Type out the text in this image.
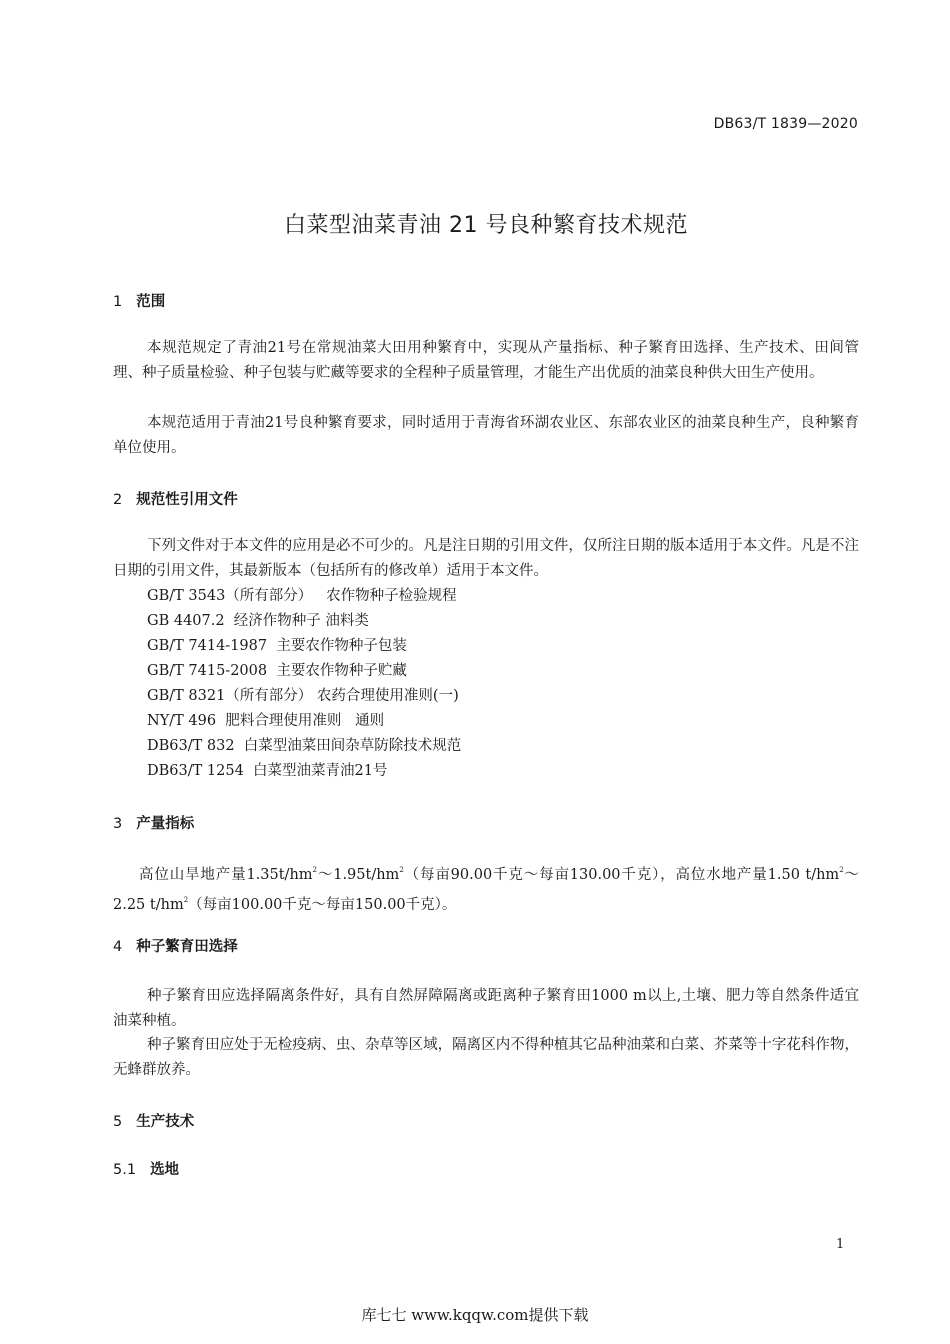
DB63/T 1839—2020
白菜型油菜青油 21 号良种繁育技术规范
1 范围

本规范规定了青油21号在常规油菜大田用种繁育中，实现从产量指标、种子繁育田选择、生产技术、田间管理、种子质量检验、种子包装与贮藏等要求的全程种子质量管理，才能生产出优质的油菜良种供大田生产使用。

本规范适用于青油21号良种繁育要求，同时适用于青海省环湖农业区、东部农业区的油菜良种生产，良种繁育单位使用。

2 规范性引用文件

下列文件对于本文件的应用是必不可少的。凡是注日期的引用文件，仅所注日期的版本适用于本文件。凡是不注日期的引用文件，其最新版本（包括所有的修改单）适用于本文件。

GB/T 3543（所有部分）   农作物种子检验规程
GB 4407.2  经济作物种子 油料类
GB/T 7414-1987  主要农作物种子包装
GB/T 7415-2008  主要农作物种子贮藏
GB/T 8321（所有部分） 农药合理使用准则(一)
NY/T 496  肥料合理使用准则   通则
DB63/T 832  白菜型油菜田间杂草防除技术规范
DB63/T 1254  白菜型油菜青油21号
3 产量指标

高位山旱地产量$1.35t/hm^2\sim 1.95t/hm^2$（每亩90.00千克～每亩130.00千克），高位水地产量1.50 $t/hm^2\sim 2.25$ $t/hm^2$（每亩100.00千克～每亩150.00千克）。

4 种子繁育田选择

种子繁育田应选择隔离条件好，具有自然屏障隔离或距离种子繁育田1000 m以上,土壤、肥力等自然条件适宜油菜种植。

种子繁育田应处于无检疫病、虫、杂草等区域，隔离区内不得种植其它品种油菜和白菜、芥菜等十字花科作物，无蜂群放养。

5 生产技术
5.1 选地
1
库七七 www.kqqw.com提供下载
